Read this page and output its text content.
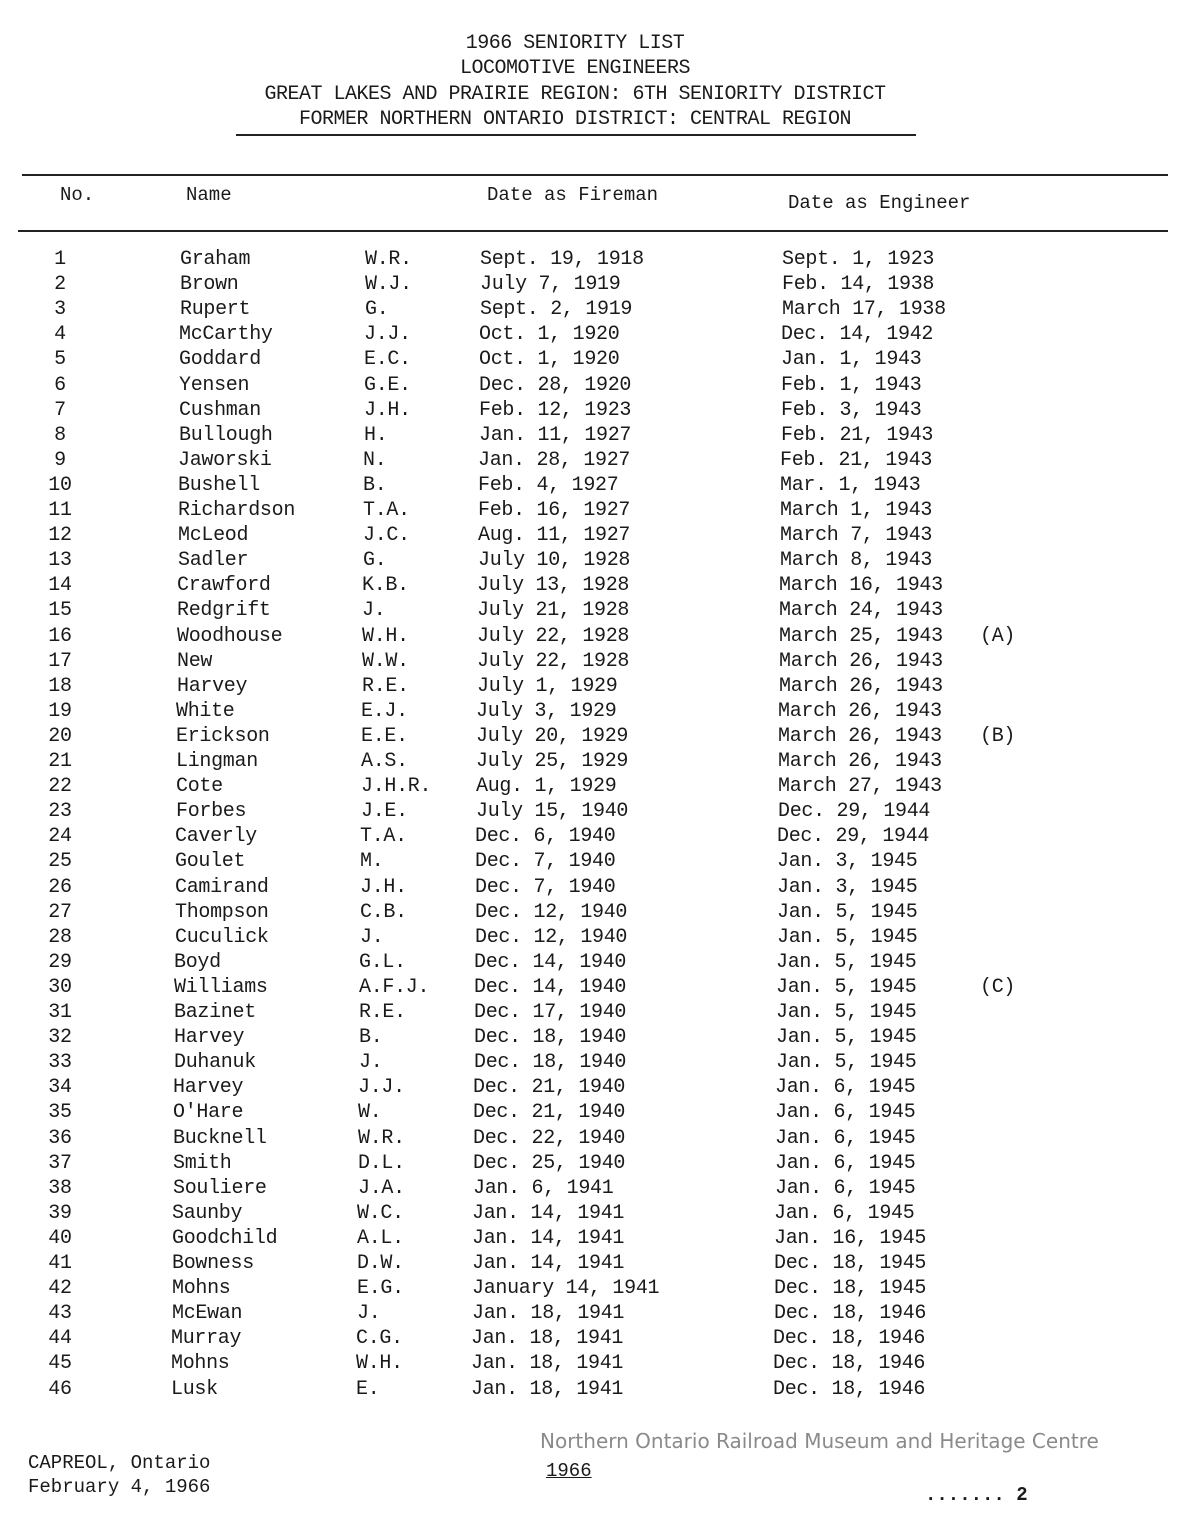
1966 SENIORITY LIST
LOCOMOTIVE ENGINEERS
GREAT LAKES AND PRAIRIE REGION: 6TH SENIORITY DISTRICT
FORMER NORTHERN ONTARIO DISTRICT: CENTRAL REGION
No.	Name	Date as Fireman	Date as Engineer
1	Graham	W.R.	Sept. 19, 1918	Sept. 1, 1923
2	Brown	W.J.	July 7, 1919	Feb. 14, 1938
3	Rupert	G.	Sept. 2, 1919	March 17, 1938
4	McCarthy	J.J.	Oct. 1, 1920	Dec. 14, 1942
5	Goddard	E.C.	Oct. 1, 1920	Jan. 1, 1943
6	Yensen	G.E.	Dec. 28, 1920	Feb. 1, 1943
7	Cushman	J.H.	Feb. 12, 1923	Feb. 3, 1943
8	Bullough	H.	Jan. 11, 1927	Feb. 21, 1943
9	Jaworski	N.	Jan. 28, 1927	Feb. 21, 1943
10	Bushell	B.	Feb. 4, 1927	Mar. 1, 1943
11	Richardson	T.A.	Feb. 16, 1927	March 1, 1943
12	McLeod	J.C.	Aug. 11, 1927	March 7, 1943
13	Sadler	G.	July 10, 1928	March 8, 1943
14	Crawford	K.B.	July 13, 1928	March 16, 1943
15	Redgrift	J.	July 21, 1928	March 24, 1943
16	Woodhouse	W.H.	July 22, 1928	March 25, 1943 (A)
17	New	W.W.	July 22, 1928	March 26, 1943
18	Harvey	R.E.	July 1, 1929	March 26, 1943
19	White	E.J.	July 3, 1929	March 26, 1943
20	Erickson	E.E.	July 20, 1929	March 26, 1943 (B)
21	Lingman	A.S.	July 25, 1929	March 26, 1943
22	Cote	J.H.R. Aug. 1, 1929	March 27, 1943
23	Forbes	J.E.	July 15, 1940	Dec. 29, 1944
24	Caverly	T.A.	Dec. 6, 1940	Dec. 29, 1944
25	Goulet	M.	Dec. 7, 1940	Jan. 3, 1945
26	Camirand	J.H.	Dec. 7, 1940	Jan. 3, 1945
27	Thompson	C.B.	Dec. 12, 1940	Jan. 5, 1945
28	Cuculick	J.	Dec. 12, 1940	Jan. 5, 1945
29	Boyd	G.L.	Dec. 14, 1940	Jan. 5, 1945
30	Williams	A.F.J. Dec. 14, 1940	Jan. 5, 1945	(C)
31	Bazinet	R.E.	Dec. 17, 1940	Jan. 5, 1945
32	Harvey	B.	Dec. 18, 1940	Jan. 5, 1945
33	Duhanuk	J.	Dec. 18, 1940	Jan. 5, 1945
34	Harvey	J.J.	Dec. 21, 1940	Jan. 6, 1945
35	O'Hare	W.	Dec. 21, 1940	Jan. 6, 1945
36	Bucknell	W.R.	Dec. 22, 1940	Jan. 6, 1945
37	Smith	D.L.	Dec. 25, 1940	Jan. 6, 1945
38	Souliere	J.A.	Jan. 6, 1941	Jan. 6, 1945
39	Saunby	W.C.	Jan. 14, 1941	Jan. 6, 1945
40	Goodchild	A.L.	Jan. 14, 1941	Jan. 16, 1945
41	Bowness	D.W.	Jan. 14, 1941	Dec. 18, 1945
42	Mohns	E.G.	January 14, 1941	Dec. 18, 1945
43	McEwan	J.	Jan. 18, 1941	Dec. 18, 1946
44	Murray	C.G.	Jan. 18, 1941	Dec. 18, 1946
45	Mohns	W.H.	Jan. 18, 1941	Dec. 18, 1946
46	Lusk	E.	Jan. 18, 1941	Dec. 18, 1946
CAPREOL, Ontario
February 4, 1966
Northern Ontario Railroad Museum and Heritage Centre
1966
....... 2
